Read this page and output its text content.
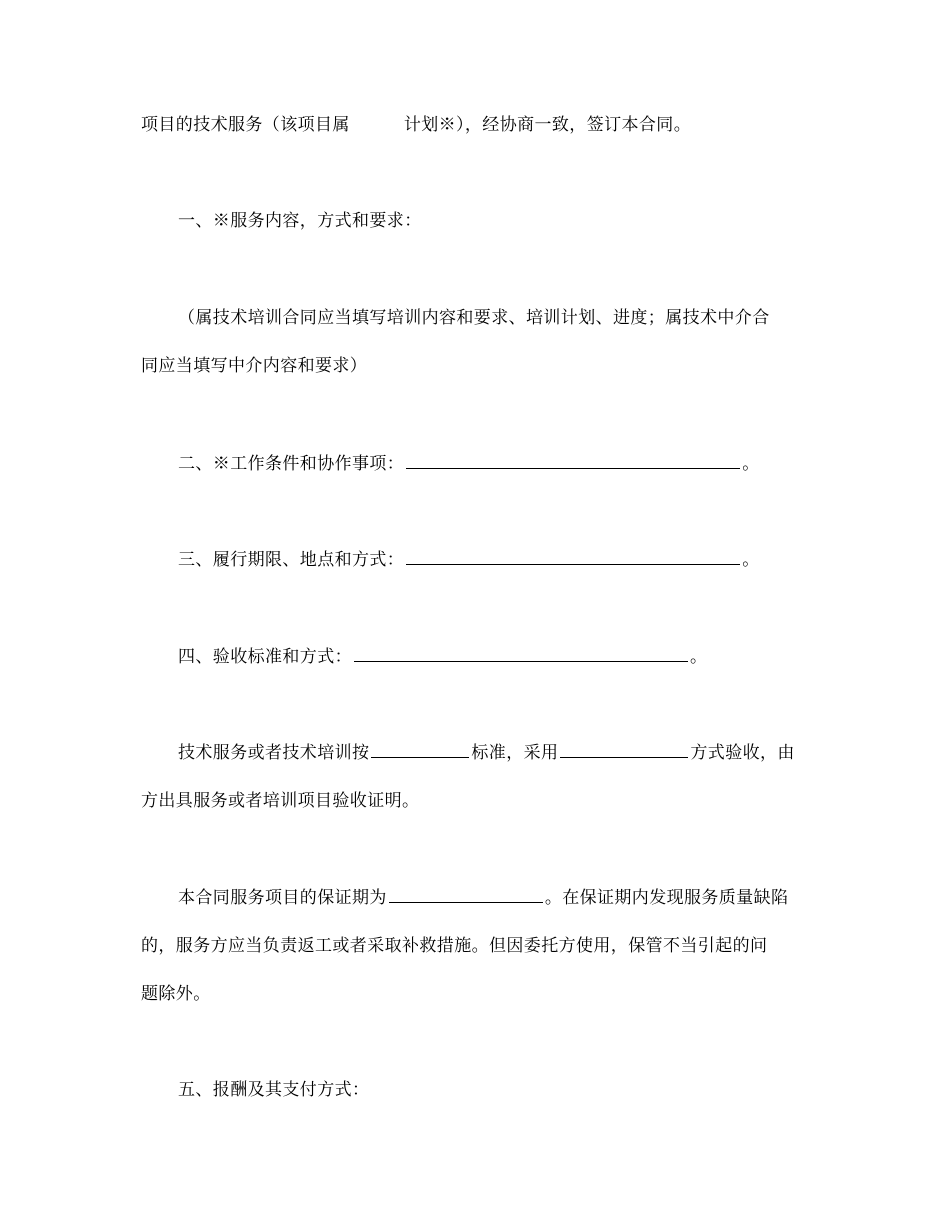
项目的技术服务（该项目属	计划※），经协商一致，签订本合同。
一、※服务内容，方式和要求：
（属技术培训合同应当填写培训内容和要求、培训计划、进度；属技术中介合
同应当填写中介内容和要求）
二、※工作条件和协作事项：	。
三、履行期限、地点和方式：	。
四、验收标准和方式：	。
技术服务或者技术培训按	标准，采用	方式验收，由
方出具服务或者培训项目验收证明。
本合同服务项目的保证期为	。在保证期内发现服务质量缺陷
的，服务方应当负责返工或者采取补救措施。但因委托方使用，保管不当引起的问
题除外。
五、报酬及其支付方式：
